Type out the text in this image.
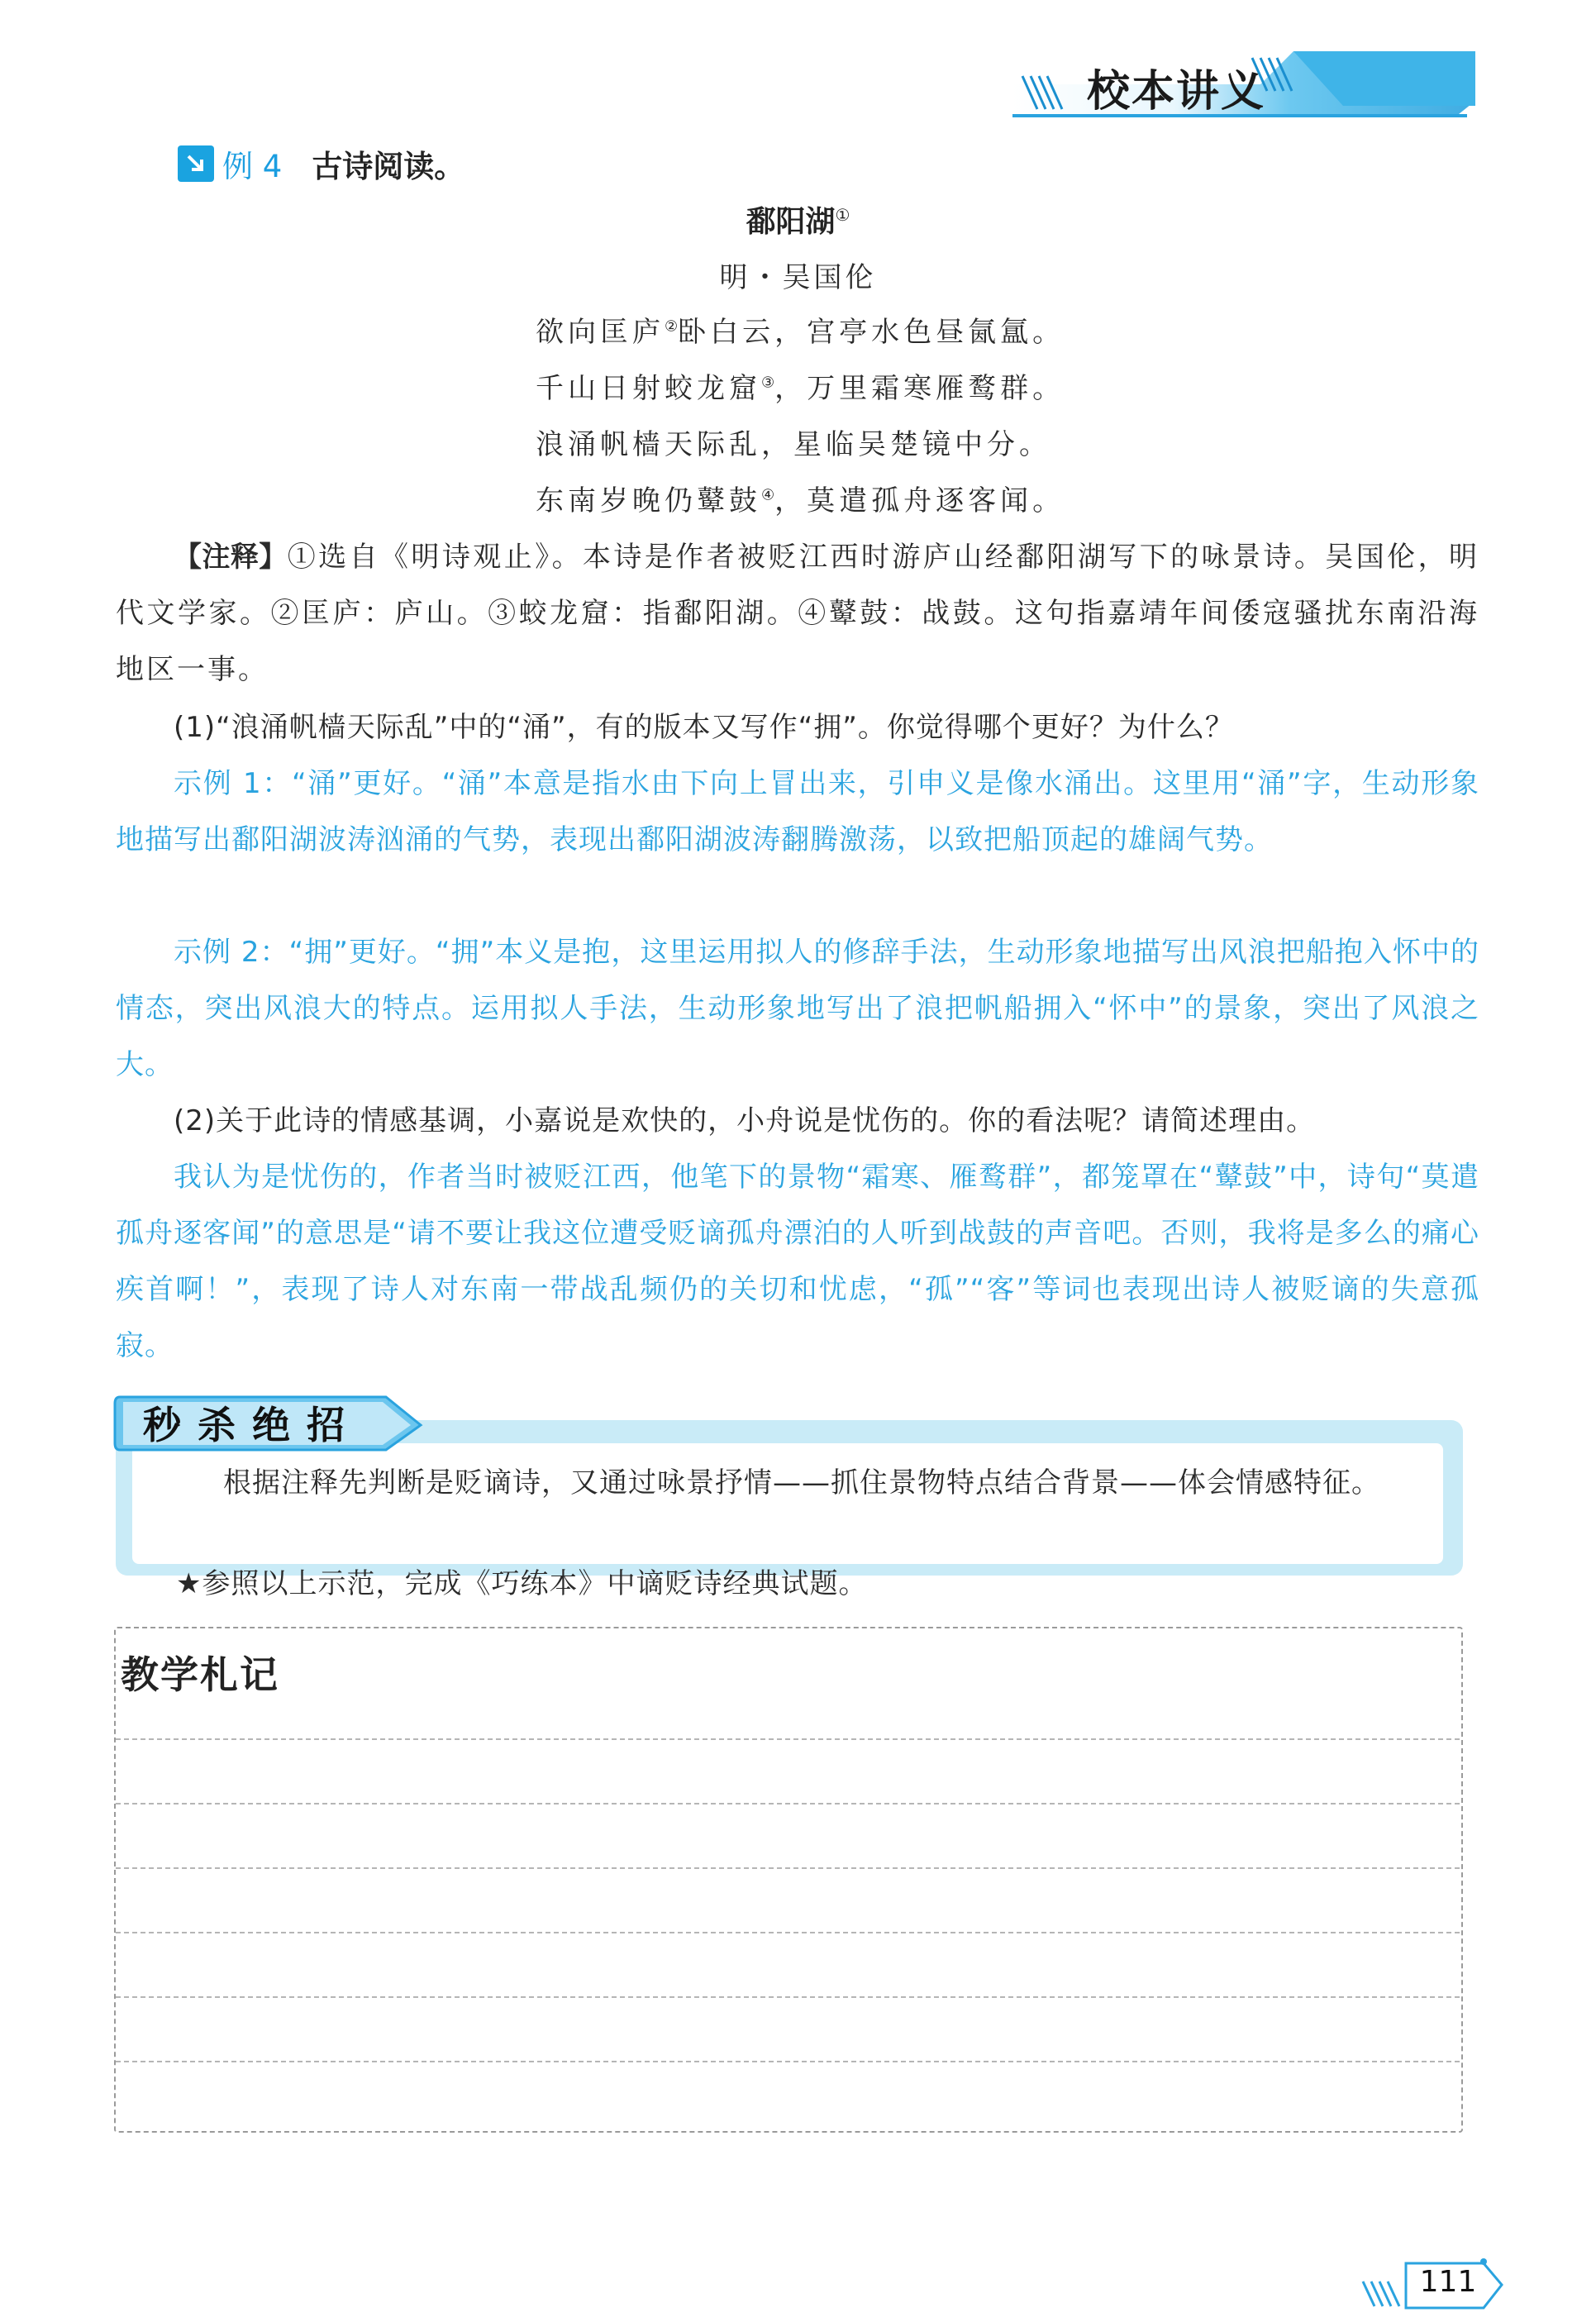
校本讲义
例 4 古诗阅读。
鄱阳湖①
明・吴国伦
欲向匡庐②卧白云，宫亭水色昼氤氲。
千山日射蛟龙窟③，万里霜寒雁鹜群。
浪涌帆樯天际乱，星临吴楚镜中分。
东南岁晚仍鼙鼓④，莫遣孤舟逐客闻。
【注释】①选自《明诗观止》。本诗是作者被贬江西时游庐山经鄱阳湖写下的咏景诗。吴国伦，明代文学家。②匡庐：庐山。③蛟龙窟：指鄱阳湖。④鼙鼓：战鼓。这句指嘉靖年间倭寇骚扰东南沿海地区一事。
(1)“浪涌帆樯天际乱”中的“涌”，有的版本又写作“拥”。你觉得哪个更好？为什么？
示例 1：“涌”更好。“涌”本意是指水由下向上冒出来，引申义是像水涌出。这里用“涌”字，生动形象地描写出鄱阳湖波涛汹涌的气势，表现出鄱阳湖波涛翻腾激荡，以致把船顶起的雄阔气势。
示例 2：“拥”更好。“拥”本义是抱，这里运用拟人的修辞手法，生动形象地描写出风浪把船抱入怀中的情态，突出风浪大的特点。运用拟人手法，生动形象地写出了浪把帆船拥入“怀中”的景象，突出了风浪之大。
(2)关于此诗的情感基调，小嘉说是欢快的，小舟说是忧伤的。你的看法呢？请简述理由。
我认为是忧伤的，作者当时被贬江西，他笔下的景物“霜寒、雁鹜群”，都笼罩在“鼙鼓”中，诗句“莫遣孤舟逐客闻”的意思是“请不要让我这位遭受贬谪孤舟漂泊的人听到战鼓的声音吧。否则，我将是多么的痛心疾首啊！”，表现了诗人对东南一带战乱频仍的关切和忧虑，“孤”“客”等词也表现出诗人被贬谪的失意孤寂。
秒杀绝招
根据注释先判断是贬谪诗，又通过咏景抒情——抓住景物特点结合背景——体会情感特征。
★参照以上示范，完成《巧练本》中谪贬诗经典试题。
教学札记
111
